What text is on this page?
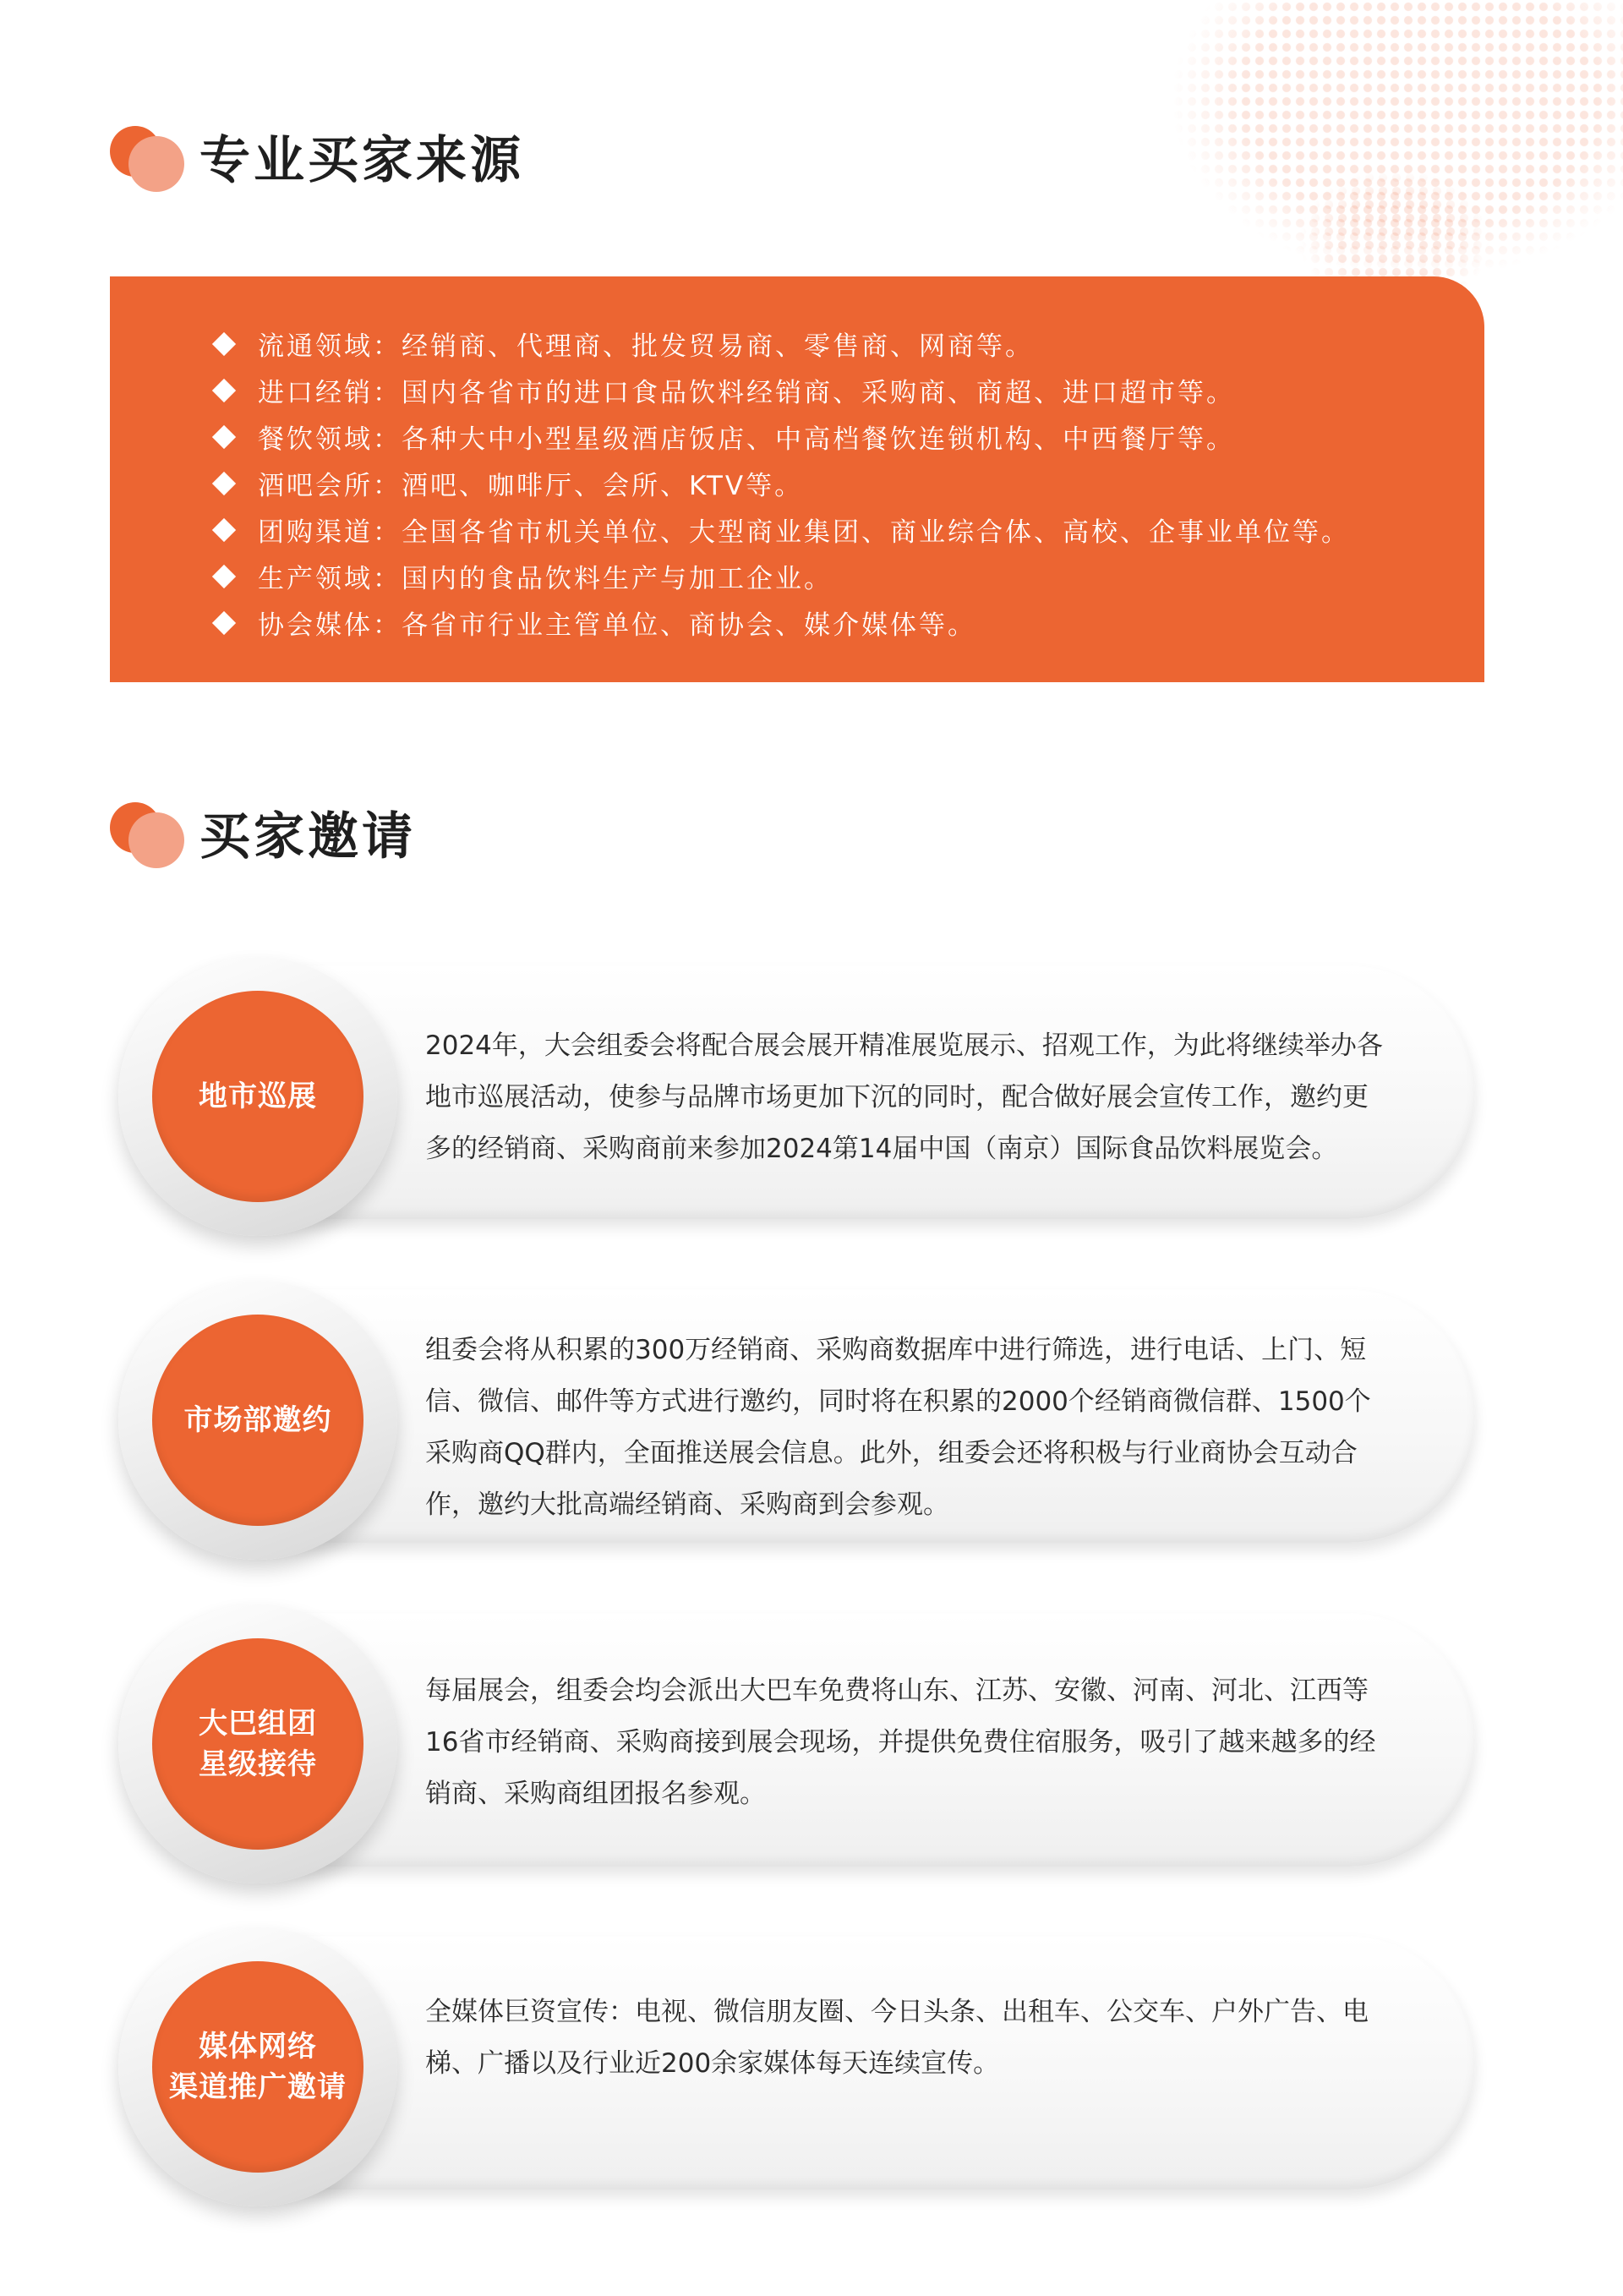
专业买家来源
流通领域： 经销商、代理商、批发贸易商、零售商、网商等。
进口经销： 国内各省市的进口食品饮料经销商、采购商、商超、进口超市等。
餐饮领域： 各种大中小型星级酒店饭店、中高档餐饮连锁机构、中西餐厅等。
酒吧会所： 酒吧、咖啡厅、会所、KTV等。
团购渠道： 全国各省市机关单位、大型商业集团、商业综合体、高校、企事业单位等。
生产领域： 国内的食品饮料生产与加工企业。
协会媒体： 各省市行业主管单位、商协会、媒介媒体等。
买家邀请
地市巡展
2024年，大会组委会将配合展会展开精准展览展示、招观工作，为此将继续举办各
地市巡展活动，使参与品牌市场更加下沉的同时，配合做好展会宣传工作，邀约更
多的经销商、采购商前来参加2024第14届中国（南京）国际食品饮料展览会。
市场部邀约
组委会将从积累的300万经销商、采购商数据库中进行筛选，进行电话、上门、短
信、微信、邮件等方式进行邀约，同时将在积累的2000个经销商微信群、1500个
采购商QQ群内，全面推送展会信息。此外，组委会还将积极与行业商协会互动合
作，邀约大批高端经销商、采购商到会参观。
大巴组团
星级接待
每届展会，组委会均会派出大巴车免费将山东、江苏、安徽、河南、河北、江西等
16省市经销商、采购商接到展会现场，并提供免费住宿服务，吸引了越来越多的经
销商、采购商组团报名参观。
媒体网络
渠道推广邀请
全媒体巨资宣传：电视、微信朋友圈、今日头条、出租车、公交车、户外广告、电
梯、广播以及行业近200余家媒体每天连续宣传。
